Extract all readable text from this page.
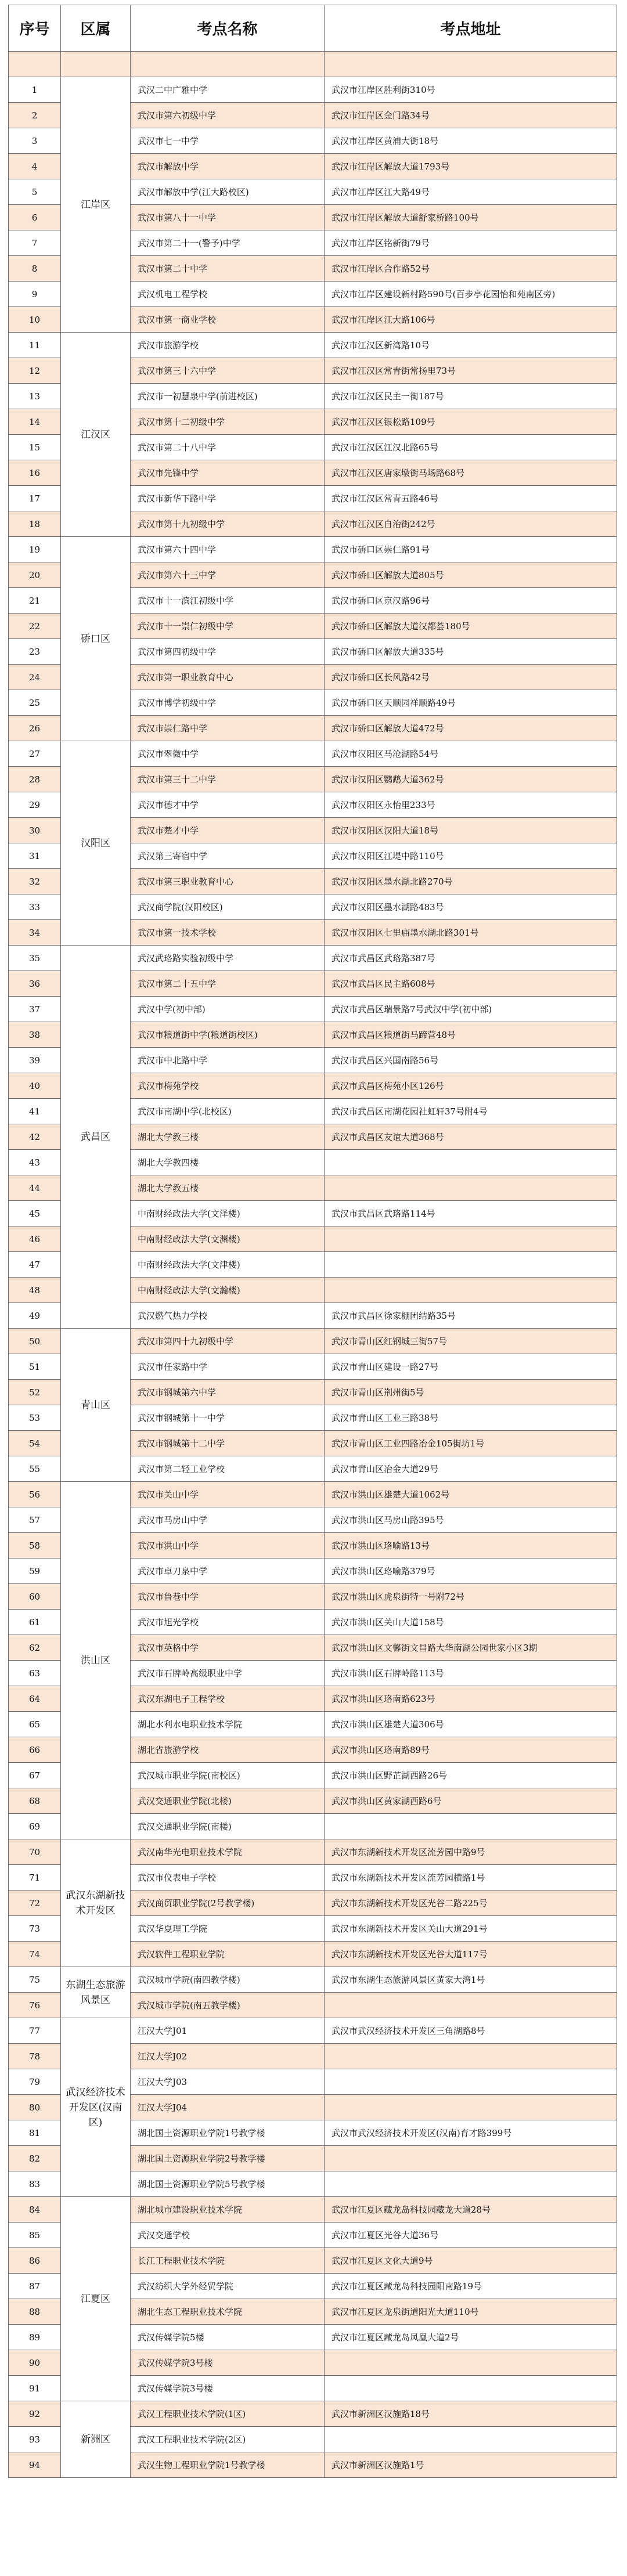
序号	区属	考点名称	考点地址

1	江岸区	武汉二中广雅中学	武汉市江岸区胜利街310号
2		武汉市第六初级中学	武汉市江岸区金门路34号
3		武汉市七一中学	武汉市江岸区黄浦大街18号
4		武汉市解放中学	武汉市江岸区解放大道1793号
5		武汉市解放中学(江大路校区)	武汉市江岸区江大路49号
6		武汉市第八十一中学	武汉市江岸区解放大道舒家桥路100号
7		武汉市第二十一(警予)中学	武汉市江岸区铭新街79号
8		武汉市第二十中学	武汉市江岸区合作路52号
9		武汉机电工程学校	武汉市江岸区建设新村路590号(百步亭花园怡和苑南区旁)
10		武汉市第一商业学校	武汉市江岸区江大路106号
11	江汉区	武汉市旅游学校	武汉市江汉区新湾路10号
12		武汉市第三十六中学	武汉市江汉区常青街常扬里73号
13		武汉市一初慧泉中学(前进校区)	武汉市江汉区民主一街187号
14		武汉市第十二初级中学	武汉市江汉区银松路109号
15		武汉市第二十八中学	武汉市江汉区江汉北路65号
16		武汉市先锋中学	武汉市江汉区唐家墩街马场路68号
17		武汉市新华下路中学	武汉市江汉区常青五路46号
18		武汉市第十九初级中学	武汉市江汉区自治街242号
19	硚口区	武汉市第六十四中学	武汉市硚口区崇仁路91号
20		武汉市第六十三中学	武汉市硚口区解放大道805号
21		武汉市十一滨江初级中学	武汉市硚口区京汉路96号
22		武汉市十一崇仁初级中学	武汉市硚口区解放大道汉都荟180号
23		武汉市第四初级中学	武汉市硚口区解放大道335号
24		武汉市第一职业教育中心	武汉市硚口区长风路42号
25		武汉市博学初级中学	武汉市硚口区天顺园祥顺路49号
26		武汉市崇仁路中学	武汉市硚口区解放大道472号
27	汉阳区	武汉市翠微中学	武汉市汉阳区马沧湖路54号
28		武汉市第三十二中学	武汉市汉阳区鹦鹉大道362号
29		武汉市德才中学	武汉市汉阳区永怡里233号
30		武汉市楚才中学	武汉市汉阳区汉阳大道18号
31		武汉第三寄宿中学	武汉市汉阳区江堤中路110号
32		武汉市第三职业教育中心	武汉市汉阳区墨水湖北路270号
33		武汉商学院(汉阳校区)	武汉市汉阳区墨水湖路483号
34		武汉市第一技术学校	武汉市汉阳区七里庙墨水湖北路301号
35	武昌区	武汉武珞路实验初级中学	武汉市武昌区武珞路387号
36		武汉市第二十五中学	武汉市武昌区民主路608号
37		武汉中学(初中部)	武汉市武昌区瑞景路7号武汉中学(初中部)
38		武汉市粮道街中学(粮道街校区)	武汉市武昌区粮道街马蹄营48号
39		武汉市中北路中学	武汉市武昌区兴国南路56号
40		武汉市梅苑学校	武汉市武昌区梅苑小区126号
41		武汉市南湖中学(北校区)	武汉市武昌区南湖花园社虹轩37号附4号
42		湖北大学教三楼	武汉市武昌区友谊大道368号
43		湖北大学教四楼	
44		湖北大学教五楼	
45		中南财经政法大学(文泽楼)	武汉市武昌区武珞路114号
46		中南财经政法大学(文渊楼)	
47		中南财经政法大学(文津楼)	
48		中南财经政法大学(文瀚楼)	
49		武汉燃气热力学校	武汉市武昌区徐家棚团结路35号
50	青山区	武汉市第四十九初级中学	武汉市青山区红钢城三街57号
51		武汉市任家路中学	武汉市青山区建设一路27号
52		武汉市钢城第六中学	武汉市青山区荆州街5号
53		武汉市钢城第十一中学	武汉市青山区工业三路38号
54		武汉市钢城第十二中学	武汉市青山区工业四路冶金105街坊1号
55		武汉市第二轻工业学校	武汉市青山区冶金大道29号
56	洪山区	武汉市关山中学	武汉市洪山区雄楚大道1062号
57		武汉市马房山中学	武汉市洪山区马房山路395号
58		武汉市洪山中学	武汉市洪山区珞喻路13号
59		武汉市卓刀泉中学	武汉市洪山区珞喻路379号
60		武汉市鲁巷中学	武汉市洪山区虎泉街特一号附72号
61		武汉市旭光学校	武汉市洪山区关山大道158号
62		武汉市英格中学	武汉市洪山区文馨街文昌路大华南湖公园世家小区3期
63		武汉市石牌岭高级职业中学	武汉市洪山区石牌岭路113号
64		武汉东湖电子工程学校	武汉市洪山区珞南路623号
65		湖北水利水电职业技术学院	武汉市洪山区雄楚大道306号
66		湖北省旅游学校	武汉市洪山区珞南路89号
67		武汉城市职业学院(南校区)	武汉市洪山区野芷湖西路26号
68		武汉交通职业学院(北楼)	武汉市洪山区黄家湖西路6号
69		武汉交通职业学院(南楼)	
70	武汉东湖新技术开发区	武汉南华光电职业技术学院	武汉市东湖新技术开发区流芳园中路9号
71		武汉市仪表电子学校	武汉市东湖新技术开发区流芳园横路1号
72		武汉商贸职业学院(2号教学楼)	武汉市东湖新技术开发区光谷二路225号
73		武汉华夏理工学院	武汉市东湖新技术开发区关山大道291号
74		武汉软件工程职业学院	武汉市东湖新技术开发区光谷大道117号
75	东湖生态旅游风景区	武汉城市学院(南四教学楼)	武汉市东湖生态旅游风景区黄家大湾1号
76		武汉城市学院(南五教学楼)	
77	武汉经济技术开发区(汉南区)	江汉大学J01	武汉市武汉经济技术开发区三角湖路8号
78		江汉大学J02	
79		江汉大学J03	
80		江汉大学J04	
81		湖北国土资源职业学院1号教学楼	武汉市武汉经济技术开发区(汉南)育才路399号
82		湖北国土资源职业学院2号教学楼	
83		湖北国土资源职业学院5号教学楼	
84	江夏区	湖北城市建设职业技术学院	武汉市江夏区藏龙岛科技园藏龙大道28号
85		武汉交通学校	武汉市江夏区光谷大道36号
86		长江工程职业技术学院	武汉市江夏区文化大道9号
87		武汉纺织大学外经贸学院	武汉市江夏区藏龙岛科技园阳南路19号
88		湖北生态工程职业技术学院	武汉市江夏区龙泉街道阳光大道110号
89		武汉传媒学院5楼	武汉市江夏区藏龙岛凤凰大道2号
90		武汉传媒学院3号楼	
91		武汉传媒学院3号楼	
92	新洲区	武汉工程职业技术学院(1区)	武汉市新洲区汉施路18号
93		武汉工程职业技术学院(2区)	
94		武汉生物工程职业学院1号教学楼	武汉市新洲区汉施路1号
